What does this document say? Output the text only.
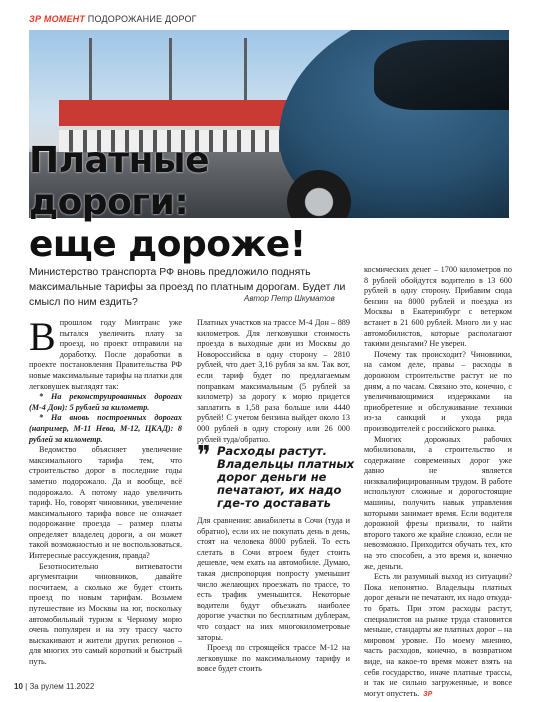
ЗР МОМЕНТ ПОДОРОЖАНИЕ ДОРОГ
Платные
дороги:
еще дороже!
Министерство транспорта РФ вновь предложило поднять максимальные тарифы за проезд по платным дорогам. Будет ли смысл по ним ездить?	Автор Петр Шкуматов
В прошлом году Минтранс уже пытался увеличить плату за проезд, но проект отправили на доработку. После доработки в проекте постановления Правительства РФ новые максимальные тарифы на платки для легковушек выглядят так:

* На реконструированных дорогах (М-4 Дон): 5 рублей за километр.

* На вновь построенных дорогах (например, М-11 Нева, М-12, ЦКАД): 8 рублей за километр.

Ведомство объясняет увеличение максимального тарифа тем, что строительство дорог в последние годы заметно подорожало. Да и вообще, всё подорожало. А потому надо увеличить тариф. Но, говорят чиновники, увеличение максимального тарифа вовсе не означает подорожание проезда – размер платы определяет владелец дороги, а он может такой возможностью и не воспользоваться. Интересные рассуждения, правда?

Безотносительно витиеватости аргументации чиновников, давайте посчитаем, а сколько же будет стоить проезд по новым тарифам. Возьмем путешествие из Москвы на юг, поскольку автомобильный туризм к Черному морю очень популярен и на эту трассу часто выскакивают и жители других регионов – для многих это самый короткий и быстрый путь.

Платных участков на трассе М-4 Дон – 889 километров. Для легковушки стоимость проезда в выходные дни из Москвы до Новороссийска в одну сторону – 2810 рублей, что дает 3,16 рубля за км. Так вот, если тариф будет по предлагаемым поправкам максимальным (5 рублей за километр) за дорогу к морю придется заплатить в 1,58 раза больше или 4440 рублей! С учетом бензина выйдет около 13 000 рублей в одну сторону или 26 000 рублей туда/обратно.

❞ Расходы растут. Владельцы платных дорог деньги не печатают, их надо где-то доставать

Для сравнения: авиабилеты в Сочи (туда и обратно), если их не покупать день в день, стоят на человека 8000 рублей. То есть слетать в Сочи втроем будет стоить дешевле, чем ехать на автомобиле. Думаю, такая диспропорция попросту уменьшит число желающих проезжать по трассе, то есть трафик уменьшится. Некоторые водители будут объезжать наиболее дорогие участки по бесплатным дублерам, что создаст на них многокилометровые заторы.

Проезд по строящейся трассе М-12 на легковушке по максимальному тарифу и вовсе будет стоить

космических денег – 1700 километров по 8 рублей обойдутся водителю в 13 600 рублей в одну сторону. Прибавим сюда бензин на 8000 рублей и поездка из Москвы в Екатеринбург с ветерком встанет в 21 600 рублей. Много ли у нас автомобилистов, которые располагают такими деньгами? Не уверен.

Почему так происходит? Чиновники, на самом деле, правы – расходы в дорожном строительстве растут не по дням, а по часам. Связано это, конечно, с увеличивающимися издержками на приобретение и обслуживание техники из-за санкций и ухода ряда производителей с российского рынка.

Многих дорожных рабочих мобилизовали, а строительство и содержание современных дорог уже давно не является низквалифицированным трудом. В работе используют сложные и дорогостоящие машины, получить навык управления которыми занимает время. Если водителя дорожной фрезы призвали, то найти второго такого же крайне сложно, если не невозможно. Приходится обучать тех, кто на это способен, а это время и, конечно же, деньги.

Есть ли разумный выход из ситуации? Пока непонятно. Владельцы платных дорог деньги не печатают, их надо откуда-то брать. При этом расходы растут, специалистов на рынке труда становится меньше, стандарты же платных дорог – на мировом уровне. По моему мнению, часть расходов, конечно, в возвратном виде, на какое-то время может взять на себя государство, иначе платные трассы, и так не сильно загруженные, и вовсе могут опустеть. ЗР

10 | За рулем 11.2022
